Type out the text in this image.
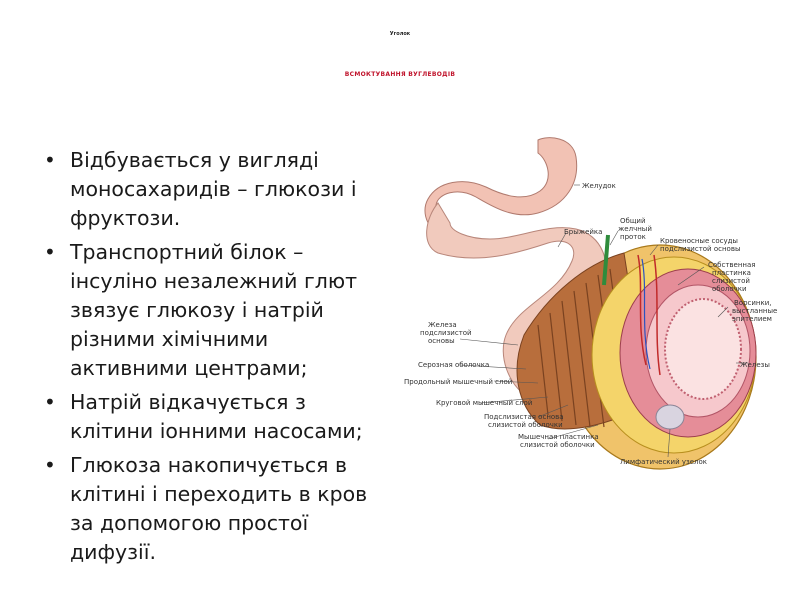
Уголок
ВСМОКТУВАННЯ ВУГЛЕВОДІВ
• Відбувається у вигляді моносахаридів – глюкози і фруктози.
• Транспортний білок – інсуліно незалежний глют звязує глюкозу і натрій різними хімічними активними центрами;
• Натрій відкачується з клітини іонними насосами;
• Глюкоза накопичується в клітині і переходить в кров за допомогою простої дифузії.
Желудок
Брыжейка
Общий
желчный
проток Кровеносные сосуды
подслизистой основы
Собственная
пластинка
слизистой
оболочки
Ворсинки,
выстланные
эпителием
Железы
Железа
подслизистой
основы
Серозная оболочка
Продольный мышечный слой
Круговой мышечный слой
Подслизистая основа
слизистой оболочки
Мышечная пластинка
слизистой оболочки
Лимфатический узелок
